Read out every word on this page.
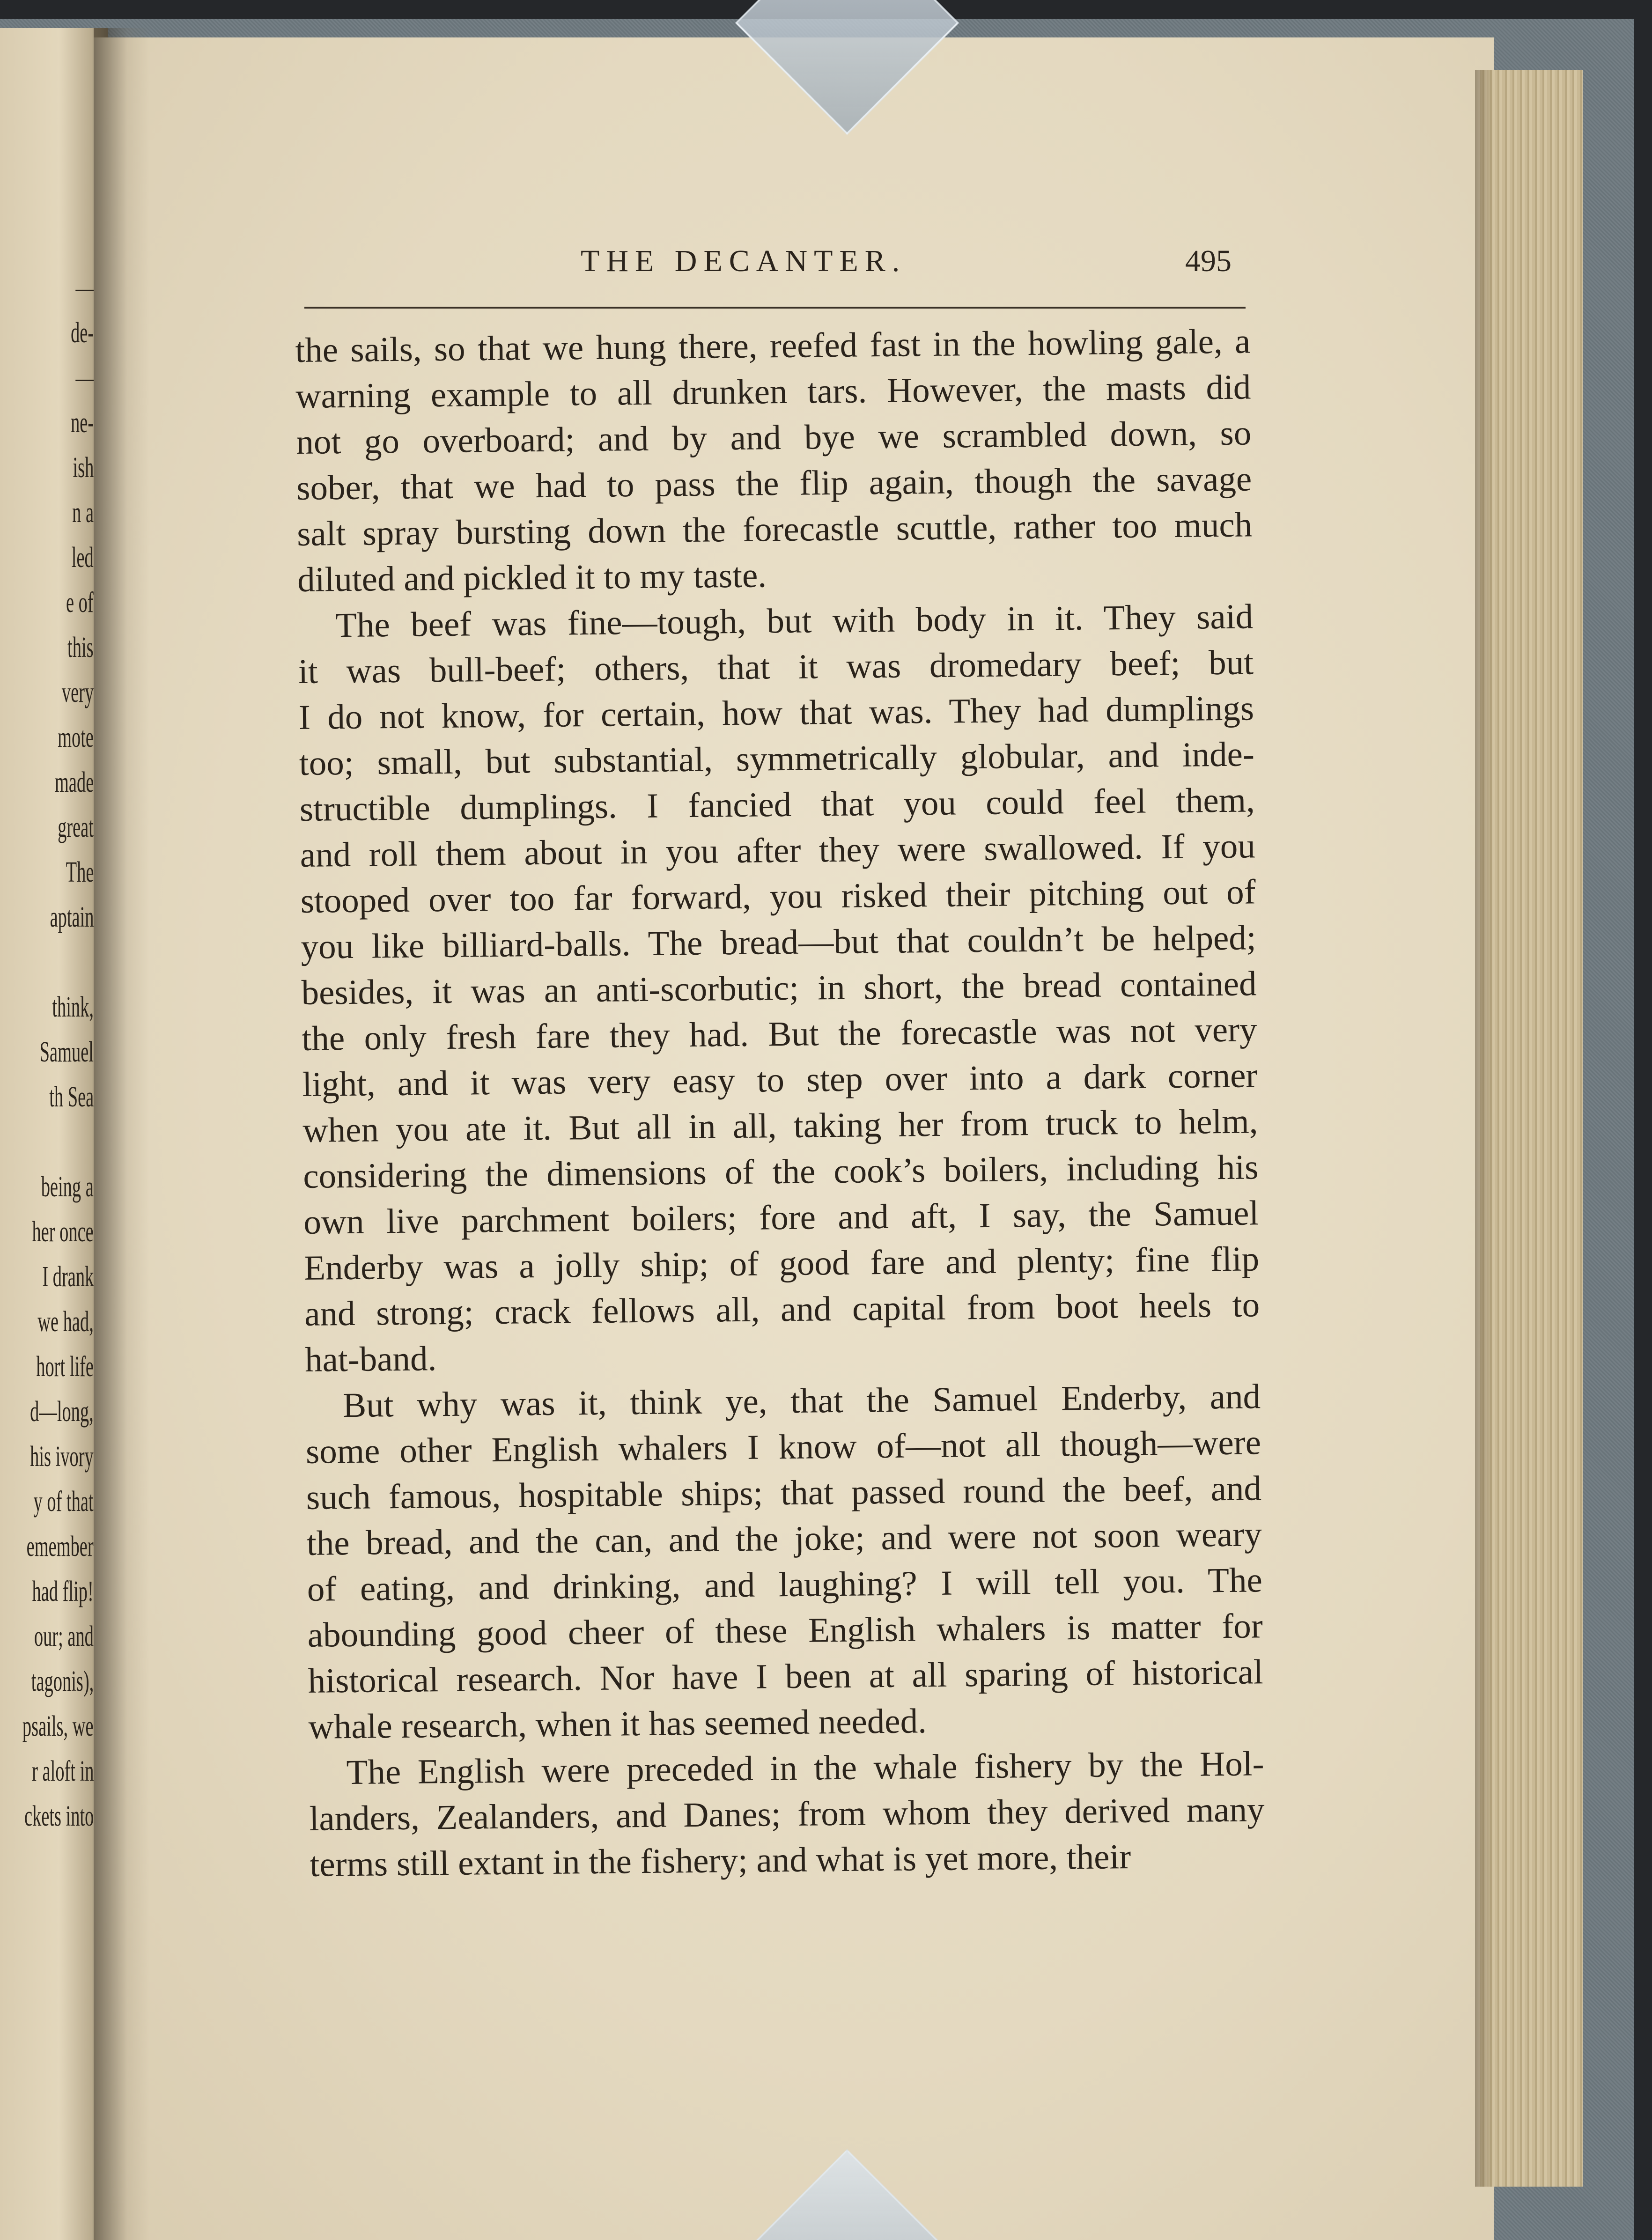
—
de-
—
ne-
ish
n a
led
e of
this
very
mote
made
great
The
aptain
think,
Samuel
th Sea
being a
her once
I drank
we had,
hort life
d—long,
his ivory
y of that
emember
had flip!
our; and
tagonis),
psails, we
r aloft in
ckets into
THE DECANTER.	495
the sails, so that we hung there, reefed fast in the howling gale, a
warning example to all drunken tars. However, the masts did
not go overboard; and by and bye we scrambled down, so
sober, that we had to pass the flip again, though the savage
salt spray bursting down the forecastle scuttle, rather too much
diluted and pickled it to my taste.
The beef was fine—tough, but with body in it. They said
it was bull-beef; others, that it was dromedary beef; but
I do not know, for certain, how that was. They had dumplings
too; small, but substantial, symmetrically globular, and inde-
structible dumplings. I fancied that you could feel them,
and roll them about in you after they were swallowed. If you
stooped over too far forward, you risked their pitching out of
you like billiard-balls. The bread—but that couldn’t be helped;
besides, it was an anti-scorbutic; in short, the bread contained
the only fresh fare they had. But the forecastle was not very
light, and it was very easy to step over into a dark corner
when you ate it. But all in all, taking her from truck to helm,
considering the dimensions of the cook’s boilers, including his
own live parchment boilers; fore and aft, I say, the Samuel
Enderby was a jolly ship; of good fare and plenty; fine flip
and strong; crack fellows all, and capital from boot heels to
hat-band.
But why was it, think ye, that the Samuel Enderby, and
some other English whalers I know of—not all though—were
such famous, hospitable ships; that passed round the beef, and
the bread, and the can, and the joke; and were not soon weary
of eating, and drinking, and laughing? I will tell you. The
abounding good cheer of these English whalers is matter for
historical research. Nor have I been at all sparing of historical
whale research, when it has seemed needed.
The English were preceded in the whale fishery by the Hol-
landers, Zealanders, and Danes; from whom they derived many
terms still extant in the fishery; and what is yet more, their
